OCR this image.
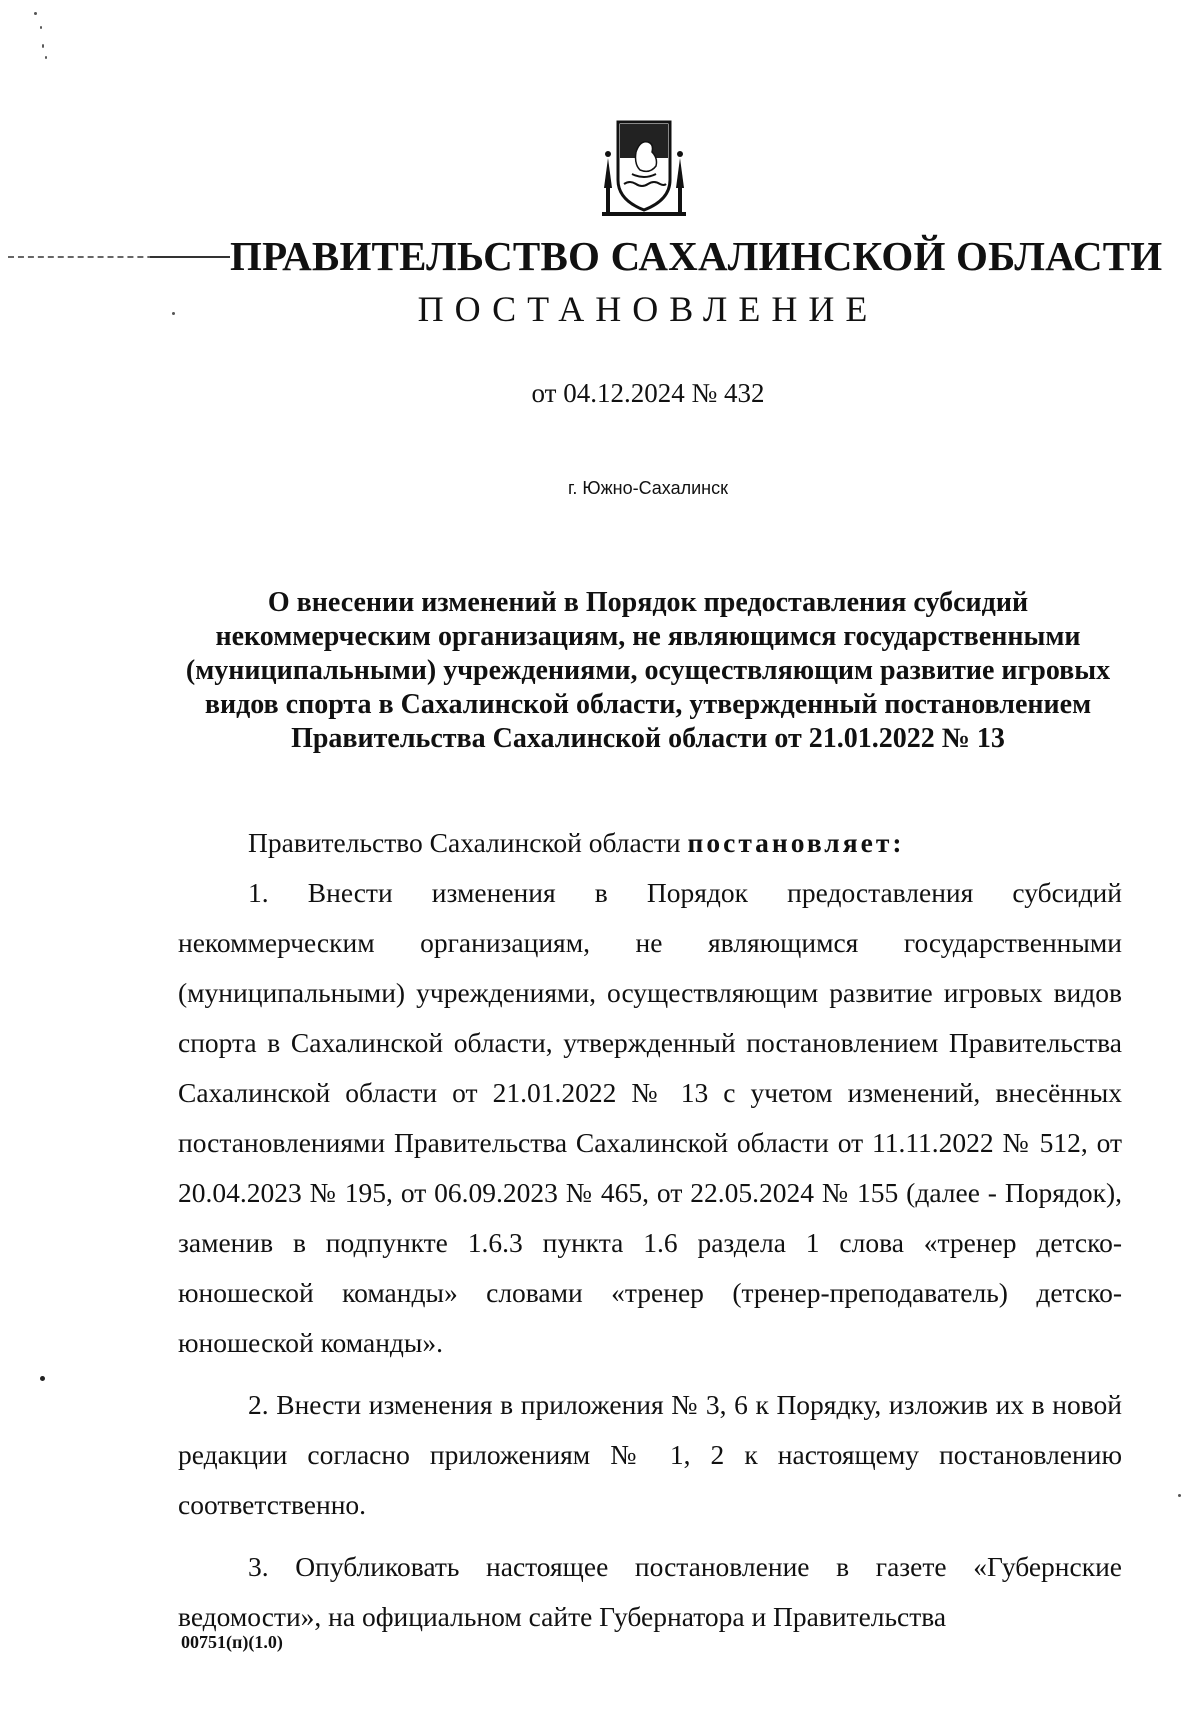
ПРАВИТЕЛЬСТВО САХАЛИНСКОЙ ОБЛАСТИ
ПОСТАНОВЛЕНИЕ
от 04.12.2024 № 432
г. Южно-Сахалинск
О внесении изменений в Порядок предоставления субсидий некоммерческим организациям, не являющимся государственными (муниципальными) учреждениями, осуществляющим развитие игровых видов спорта в Сахалинской области, утвержденный постановлением Правительства Сахалинской области от 21.01.2022 № 13

Правительство Сахалинской области постановляет:

1. Внести изменения в Порядок предоставления субсидий некоммерческим организациям, не являющимся государственными (муниципальными) учреждениями, осуществляющим развитие игровых видов спорта в Сахалинской области, утвержденный постановлением Правительства Сахалинской области от 21.01.2022 № 13 с учетом изменений, внесённых постановлениями Правительства Сахалинской области от 11.11.2022 № 512, от 20.04.2023 № 195, от 06.09.2023 № 465, от 22.05.2024 № 155 (далее - Порядок), заменив в подпункте 1.6.3 пункта 1.6 раздела 1 слова «тренер детско-юношеской команды» словами «тренер (тренер-преподаватель) детско-юношеской команды».

2. Внести изменения в приложения № 3, 6 к Порядку, изложив их в новой редакции согласно приложениям № 1, 2 к настоящему постановлению соответственно.

3. Опубликовать настоящее постановление в газете «Губернские ведомости», на официальном сайте Губернатора и Правительства

00751(п)(1.0)
